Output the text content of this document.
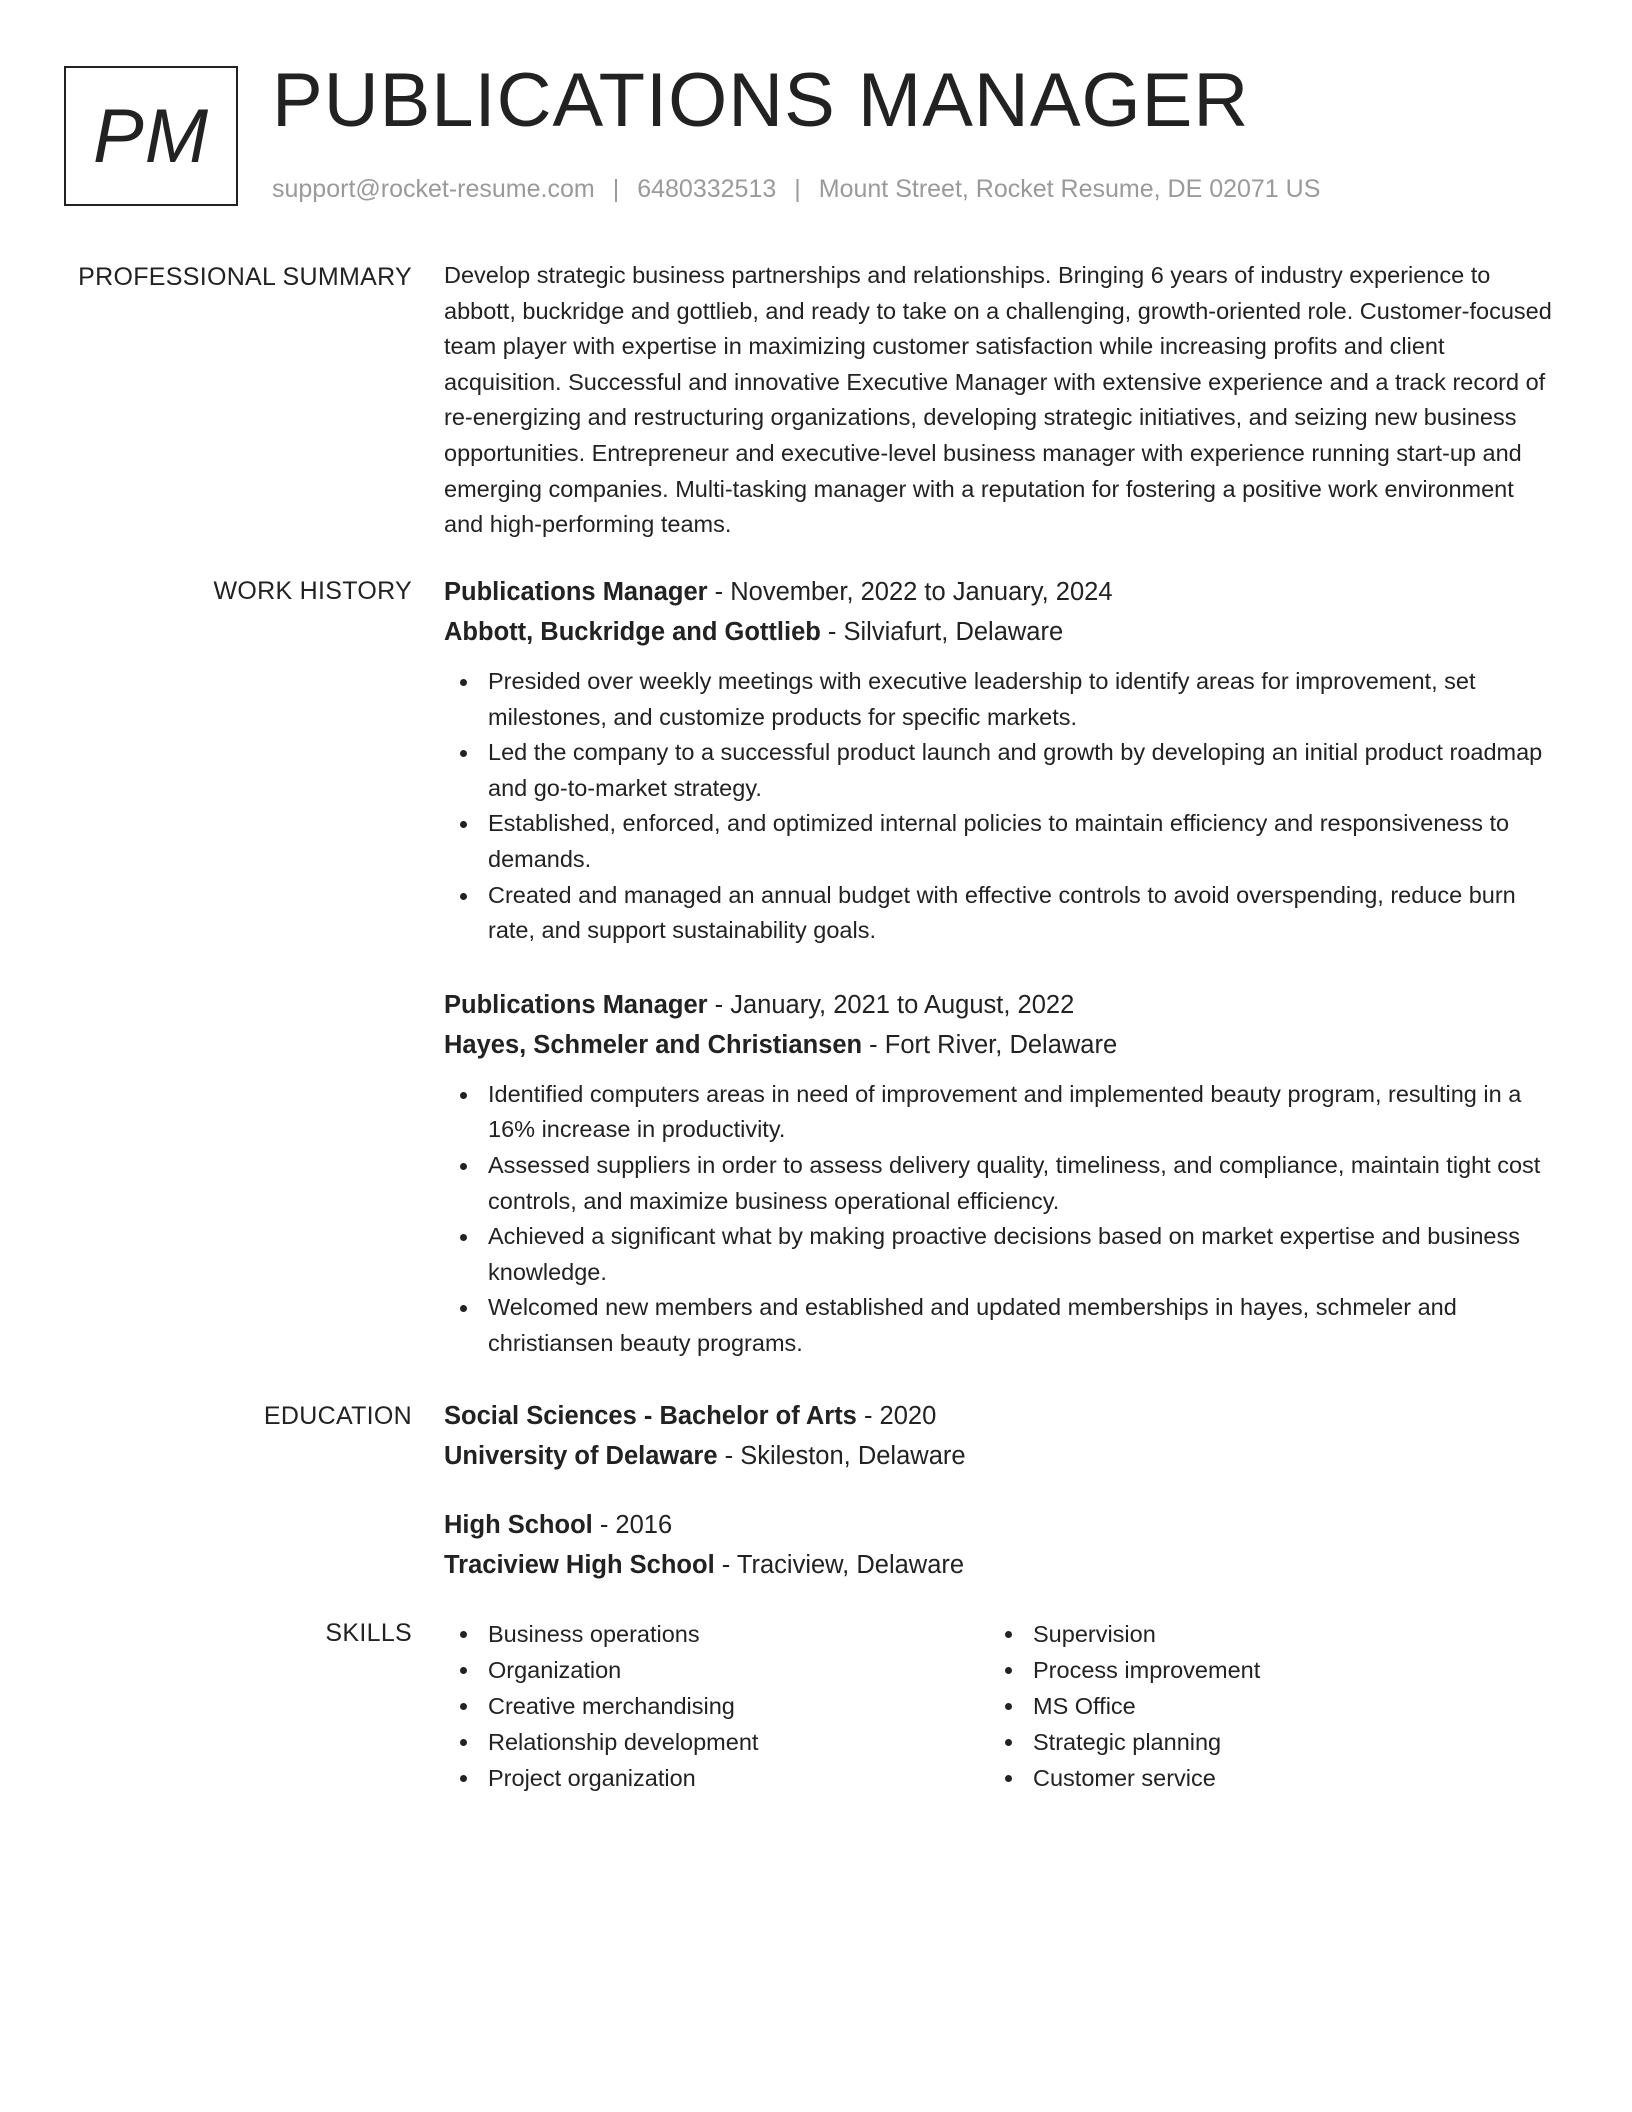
PM PUBLICATIONS MANAGER
support@rocket-resume.com | 6480332513 | Mount Street, Rocket Resume, DE 02071 US
PROFESSIONAL SUMMARY Develop strategic business partnerships and relationships. Bringing 6 years of industry experience to abbott, buckridge and gottlieb, and ready to take on a challenging, growth-oriented role. Customer-focused team player with expertise in maximizing customer satisfaction while increasing profits and client acquisition. Successful and innovative Executive Manager with extensive experience and a track record of re-energizing and restructuring organizations, developing strategic initiatives, and seizing new business opportunities. Entrepreneur and executive-level business manager with experience running start-up and emerging companies. Multi-tasking manager with a reputation for fostering a positive work environment and high-performing teams.

WORK HISTORY Publications Manager - November, 2022 to January, 2024
Abbott, Buckridge and Gottlieb - Silviafurt, Delaware
Presided over weekly meetings with executive leadership to identify areas for improvement, set milestones, and customize products for specific markets.
Led the company to a successful product launch and growth by developing an initial product roadmap and go-to-market strategy.
Established, enforced, and optimized internal policies to maintain efficiency and responsiveness to demands.
Created and managed an annual budget with effective controls to avoid overspending, reduce burn rate, and support sustainability goals.
Publications Manager - January, 2021 to August, 2022
Hayes, Schmeler and Christiansen - Fort River, Delaware
Identified computers areas in need of improvement and implemented beauty program, resulting in a 16% increase in productivity.
Assessed suppliers in order to assess delivery quality, timeliness, and compliance, maintain tight cost controls, and maximize business operational efficiency.
Achieved a significant what by making proactive decisions based on market expertise and business knowledge.
Welcomed new members and established and updated memberships in hayes, schmeler and christiansen beauty programs.
EDUCATION Social Sciences - Bachelor of Arts - 2020
University of Delaware - Skileston, Delaware
High School - 2016
Traciview High School - Traciview, Delaware
SKILLS	Business operations
Organization
Creative merchandising
Relationship development
Project organization
Supervision
Process improvement
MS Office
Strategic planning
Customer service
